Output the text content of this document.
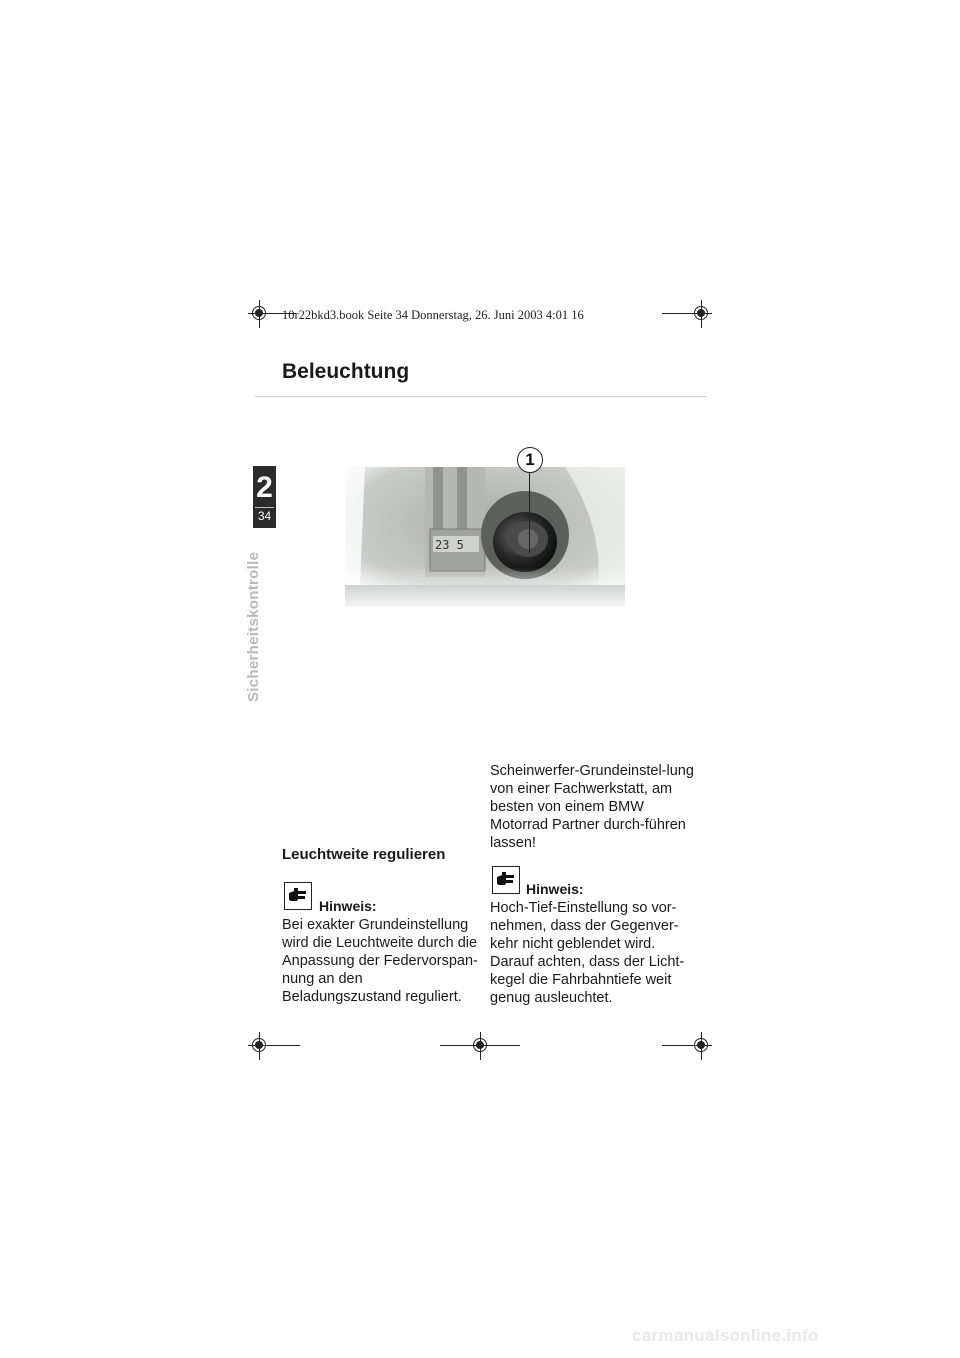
10r22bkd3.book Seite 34 Donnerstag, 26. Juni 2003 4:01 16
Beleuchtung
2
34
Sicherheitskontrolle
23 5
1

Scheinwerfer-Grundeinstel-lung von einer Fachwerkstatt, am besten von einem BMW Motorrad Partner durch-führen lassen!

Hinweis:

Hoch-Tief-Einstellung so vor-nehmen, dass der Gegenver-kehr nicht geblendet wird. Darauf achten, dass der Licht-kegel die Fahrbahntiefe weit genug ausleuchtet.

Leuchtweite regulieren
Hinweis:

Bei exakter Grundeinstellung wird die Leuchtweite durch die Anpassung der Federvorspan-nung an den Beladungszustand reguliert.

carmanualsonline.info
